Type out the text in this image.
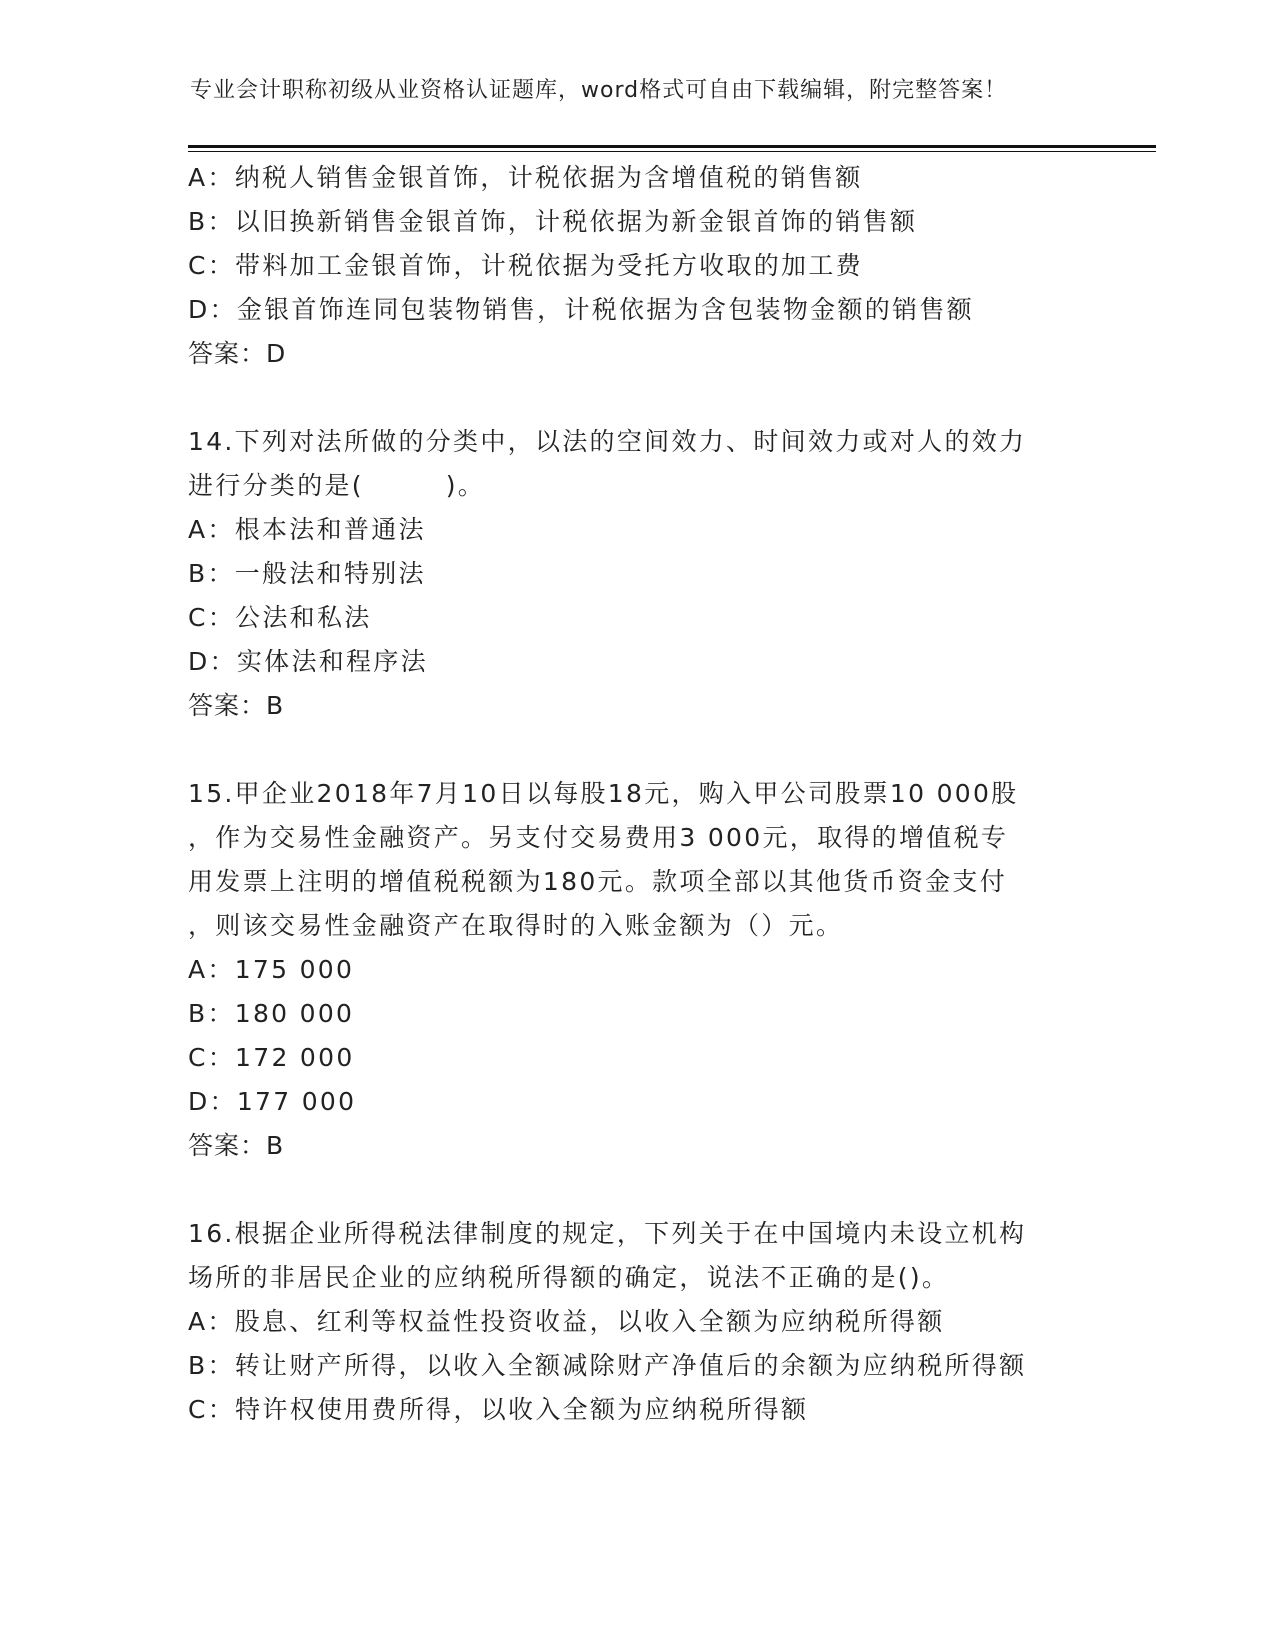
专业会计职称初级从业资格认证题库，word格式可自由下载编辑，附完整答案！
A：纳税人销售金银首饰，计税依据为含增值税的销售额
B：以旧换新销售金银首饰，计税依据为新金银首饰的销售额
C：带料加工金银首饰，计税依据为受托方收取的加工费
D：金银首饰连同包装物销售，计税依据为含包装物金额的销售额
答案：D
14.下列对法所做的分类中，以法的空间效力、时间效力或对人的效力
进行分类的是(　　　)。
A：根本法和普通法
B：一般法和特别法
C：公法和私法
D：实体法和程序法
答案：B
15.甲企业2018年7月10日以每股18元，购入甲公司股票10 000股
，作为交易性金融资产。另支付交易费用3 000元，取得的增值税专
用发票上注明的增值税税额为180元。款项全部以其他货币资金支付
，则该交易性金融资产在取得时的入账金额为（）元。
A：175 000
B：180 000
C：172 000
D：177 000
答案：B
16.根据企业所得税法律制度的规定，下列关于在中国境内未设立机构
场所的非居民企业的应纳税所得额的确定，说法不正确的是()。
A：股息、红利等权益性投资收益，以收入全额为应纳税所得额
B：转让财产所得，以收入全额减除财产净值后的余额为应纳税所得额
C：特许权使用费所得，以收入全额为应纳税所得额
